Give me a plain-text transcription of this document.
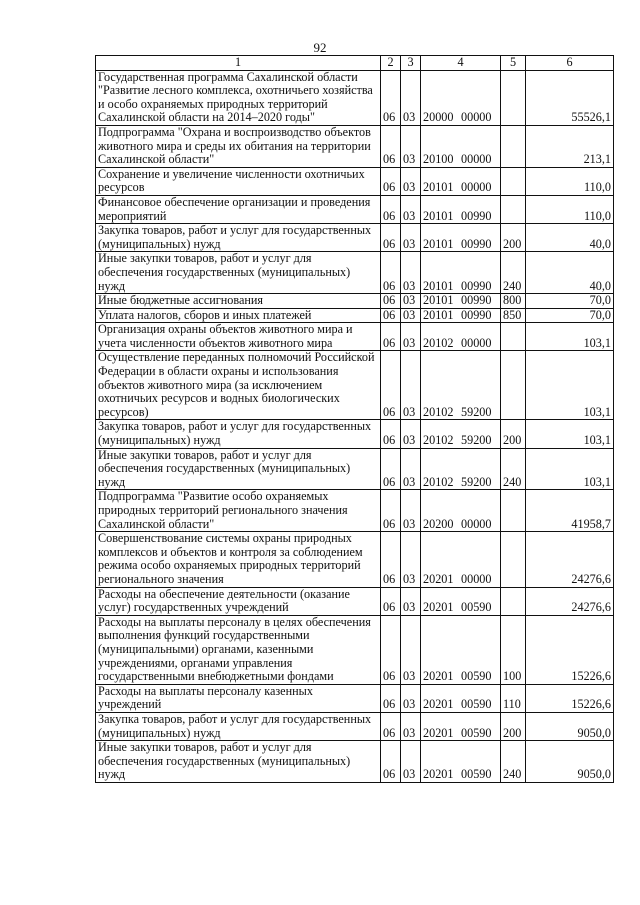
92
1	2	3	4	5	6
Государственная программа Сахалинской области "Развитие лесного комплекса, охотничьего хозяйства и особо охраняемых природных территорий Сахалинской области на 2014–2020 годы"	06	03	20000 00000		55526,1
Подпрограмма "Охрана и воспроизводство объектов животного мира и среды их обитания на территории Сахалинской области"	06	03	20100 00000		213,1
Сохранение и увеличение численности охотничьих ресурсов	06	03	20101 00000		110,0
Финансовое обеспечение организации и проведения мероприятий	06	03	20101 00990		110,0
Закупка товаров, работ и услуг для государственных (муниципальных) нужд	06	03	20101 00990	200	40,0
Иные закупки товаров, работ и услуг для обеспечения государственных (муниципальных) нужд	06	03	20101 00990	240	40,0
Иные бюджетные ассигнования	06	03	20101 00990	800	70,0
Уплата налогов, сборов и иных платежей	06	03	20101 00990	850	70,0
Организация охраны объектов животного мира и учета численности объектов животного мира	06	03	20102 00000		103,1
Осуществление переданных полномочий Российской Федерации в области охраны и использования объектов животного мира (за исключением охотничьих ресурсов и водных биологических ресурсов)	06	03	20102 59200		103,1
Закупка товаров, работ и услуг для государственных (муниципальных) нужд	06	03	20102 59200	200	103,1
Иные закупки товаров, работ и услуг для обеспечения государственных (муниципальных) нужд	06	03	20102 59200	240	103,1
Подпрограмма "Развитие особо охраняемых природных территорий регионального значения Сахалинской области"	06	03	20200 00000		41958,7
Совершенствование системы охраны природных комплексов и объектов и контроля за соблюдением режима особо охраняемых природных территорий регионального значения	06	03	20201 00000		24276,6
Расходы на обеспечение деятельности (оказание услуг) государственных учреждений	06	03	20201 00590		24276,6
Расходы на выплаты персоналу в целях обеспечения выполнения функций государственными (муниципальными) органами, казенными учреждениями, органами управления государственными внебюджетными фондами	06	03	20201 00590	100	15226,6
Расходы на выплаты персоналу казенных учреждений	06	03	20201 00590	110	15226,6
Закупка товаров, работ и услуг для государственных (муниципальных) нужд	06	03	20201 00590	200	9050,0
Иные закупки товаров, работ и услуг для обеспечения государственных (муниципальных) нужд	06	03	20201 00590	240	9050,0
